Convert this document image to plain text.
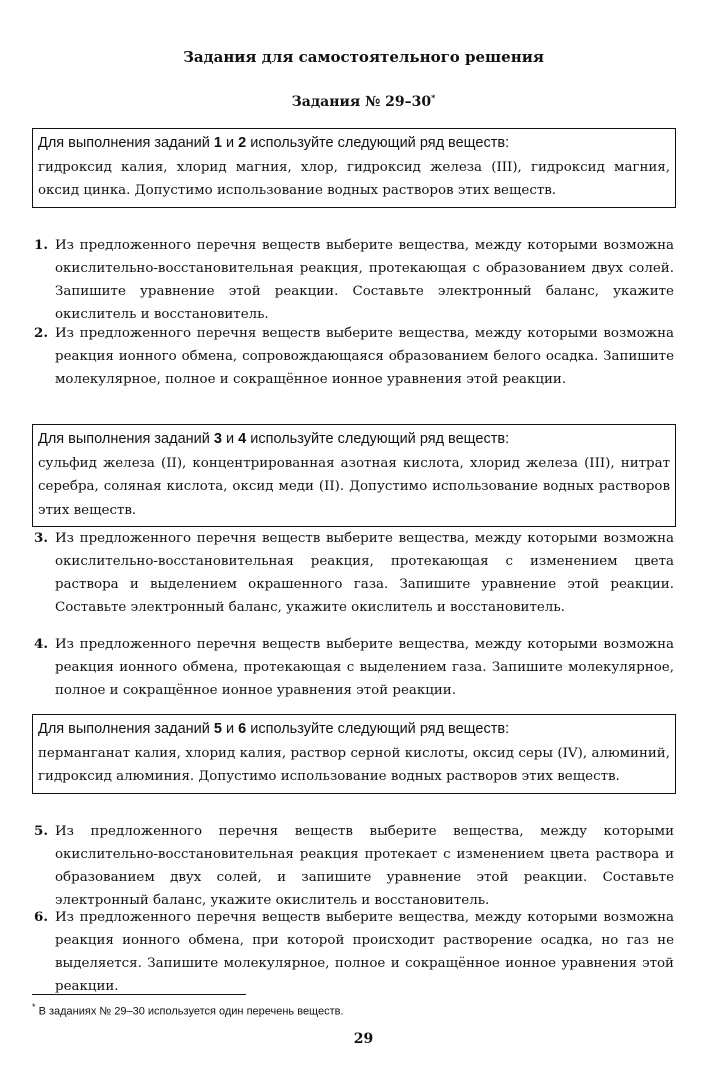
Задания для самостоятельного решения
Задания № 29–30*
Для выполнения заданий 1 и 2 используйте следующий ряд веществ:
гидроксид калия, хлорид магния, хлор, гидроксид железа (III), гидроксид магния, оксид цинка. Допустимо использование водных растворов этих веществ.
1. Из предложенного перечня веществ выберите вещества, между которыми возможна окислительно-восстановительная реакция, протекающая с образованием двух солей. Запишите уравнение этой реакции. Составьте электронный баланс, укажите окислитель и восстановитель.
2. Из предложенного перечня веществ выберите вещества, между которыми возможна реакция ионного обмена, сопровождающаяся образованием белого осадка. Запишите молекулярное, полное и сокращённое ионное уравнения этой реакции.
Для выполнения заданий 3 и 4 используйте следующий ряд веществ:
сульфид железа (II), концентрированная азотная кислота, хлорид железа (III), нитрат серебра, соляная кислота, оксид меди (II). Допустимо использование водных растворов этих веществ.
3. Из предложенного перечня веществ выберите вещества, между которыми возможна окислительно-восстановительная реакция, протекающая с изменением цвета раствора и выделением окрашенного газа. Запишите уравнение этой реакции. Составьте электронный баланс, укажите окислитель и восстановитель.
4. Из предложенного перечня веществ выберите вещества, между которыми возможна реакция ионного обмена, протекающая с выделением газа. Запишите молекулярное, полное и сокращённое ионное уравнения этой реакции.
Для выполнения заданий 5 и 6 используйте следующий ряд веществ:
перманганат калия, хлорид калия, раствор серной кислоты, оксид серы (IV), алюминий, гидроксид алюминия. Допустимо использование водных растворов этих веществ.
5. Из предложенного перечня веществ выберите вещества, между которыми окислительно-восстановительная реакция протекает с изменением цвета раствора и образованием двух солей, и запишите уравнение этой реакции. Составьте электронный баланс, укажите окислитель и восстановитель.
6. Из предложенного перечня веществ выберите вещества, между которыми возможна реакция ионного обмена, при которой происходит растворение осадка, но газ не выделяется. Запишите молекулярное, полное и сокращённое ионное уравнения этой реакции.
* В заданиях № 29–30 используется один перечень веществ.
29
